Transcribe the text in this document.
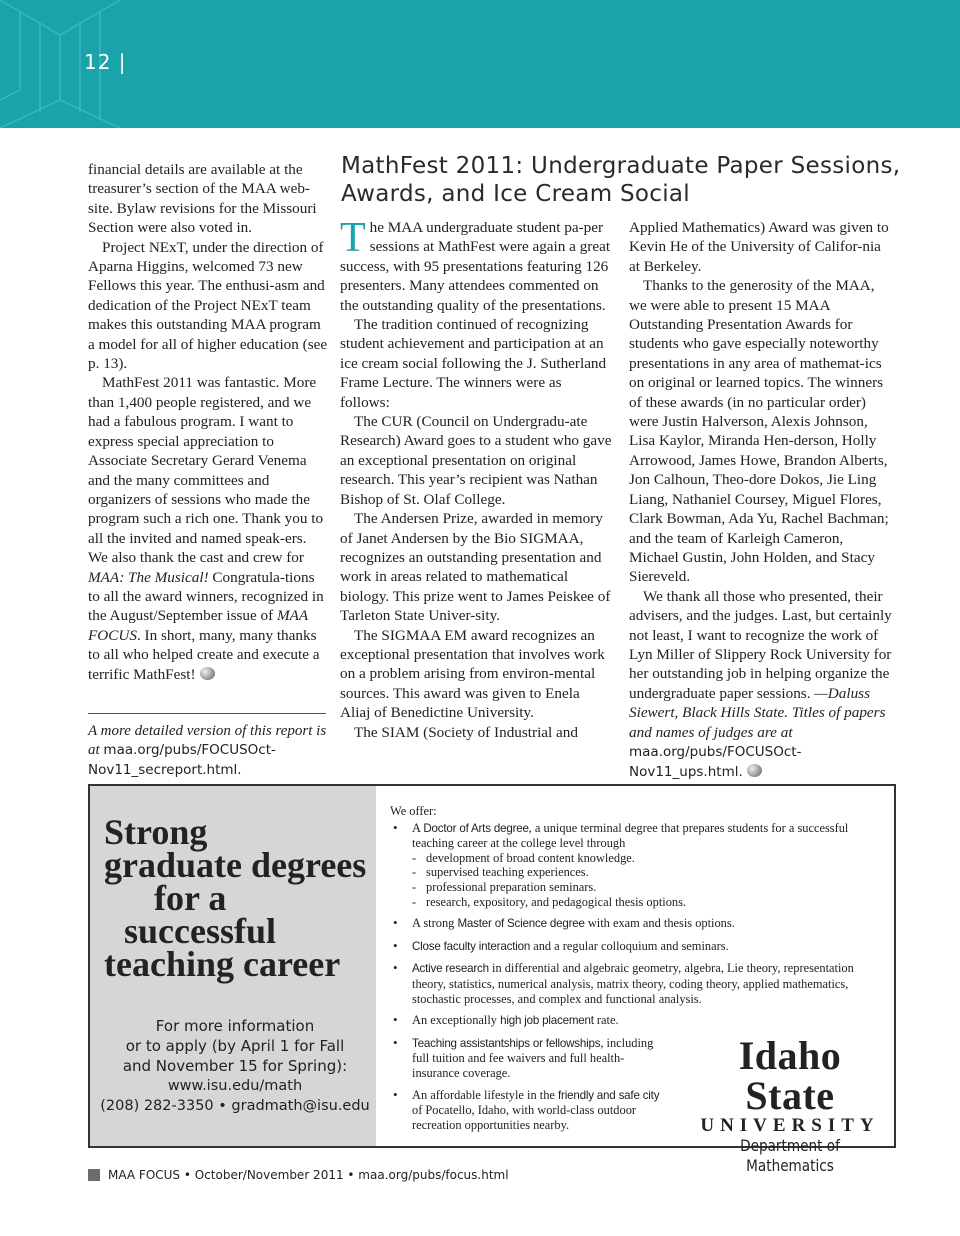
12 |

financial details are available at the treasurer’s section of the MAA web-site. Bylaw revisions for the Missouri Section were also voted in.

Project NExT, under the direction of Aparna Higgins, welcomed 73 new Fellows this year. The enthusi-asm and dedication of the Project NExT team makes this outstanding MAA program a model for all of higher education (see p. 13).

MathFest 2011 was fantastic. More than 1,400 people registered, and we had a fabulous program. I want to express special appreciation to Associate Secretary Gerard Venema and the many committees and organizers of sessions who made the program such a rich one. Thank you to all the invited and named speak-ers. We also thank the cast and crew for MAA: The Musical! Congratula-tions to all the award winners, recognized in the August/September issue of MAA FOCUS. In short, many, many thanks to all who helped create and execute a terrific MathFest!

A more detailed version of this report is at maa.org/pubs/FOCUSOct-Nov11_secreport.html.
MathFest 2011: Undergraduate Paper Sessions, Awards, and Ice Cream Social

The MAA undergraduate student pa-per sessions at MathFest were again a great success, with 95 presentations featuring 126 presenters. Many attendees commented on the outstanding quality of the presentations.

The tradition continued of recognizing student achievement and participation at an ice cream social following the J. Sutherland Frame Lecture. The winners were as follows:

The CUR (Council on Undergradu-ate Research) Award goes to a student who gave an exceptional presentation on original research. This year’s recipient was Nathan Bishop of St. Olaf College.

The Andersen Prize, awarded in memory of Janet Andersen by the Bio SIGMAA, recognizes an outstanding presentation and work in areas related to mathematical biology. This prize went to James Peiskee of Tarleton State Univer-sity.

The SIGMAA EM award recognizes an exceptional presentation that involves work on a problem arising from environ-mental sources. This award was given to Enela Aliaj of Benedictine University.

The SIAM (Society of Industrial and

Applied Mathematics) Award was given to Kevin He of the University of Califor-nia at Berkeley.

Thanks to the generosity of the MAA, we were able to present 15 MAA Outstanding Presentation Awards for students who gave especially noteworthy presentations in any area of mathemat-ics on original or learned topics. The winners of these awards (in no particular order) were Justin Halverson, Alexis Johnson, Lisa Kaylor, Miranda Hen-derson, Holly Arrowood, James Howe, Brandon Alberts, Jon Calhoun, Theo-dore Dokos, Jie Ling Liang, Nathaniel Coursey, Miguel Flores, Clark Bowman, Ada Yu, Rachel Bachman; and the team of Karleigh Cameron, Michael Gustin, John Holden, and Stacy Siereveld.

We thank all those who presented, their advisers, and the judges. Last, but certainly not least, I want to recognize the work of Lyn Miller of Slippery Rock University for her outstanding job in helping organize the undergraduate paper sessions. —Daluss Siewert, Black Hills State. Titles of papers and names of judges are at maa.org/pubs/FOCUSOct-Nov11_ups.html.

Strong
graduate degrees
for a
successful
teaching career
For more information
or to apply (by April 1 for Fall
and November 15 for Spring):
www.isu.edu/math
(208) 282-3350 • gradmath@isu.edu
We offer:
• A Doctor of Arts degree, a unique terminal degree that prepares students for a successful teaching career at the college level through
- development of broad content knowledge.
- supervised teaching experiences.
- professional preparation seminars.
- research, expository, and pedagogical thesis options.
• A strong Master of Science degree with exam and thesis options.
• Close faculty interaction and a regular colloquium and seminars.
• Active research in differential and algebraic geometry, algebra, Lie theory, representation theory, statistics, numerical analysis, matrix theory, coding theory, applied mathematics, stochastic processes, and complex and functional analysis.
• An exceptionally high job placement rate.
• Teaching assistantships or fellowships, including full tuition and fee waivers and full health-insurance coverage.
• An affordable lifestyle in the friendly and safe city of Pocatello, Idaho, with world-class outdoor recreation opportunities nearby.
Idaho State
UNIVERSITY
Department of Mathematics
MAA FOCUS • October/November 2011 • maa.org/pubs/focus.html
